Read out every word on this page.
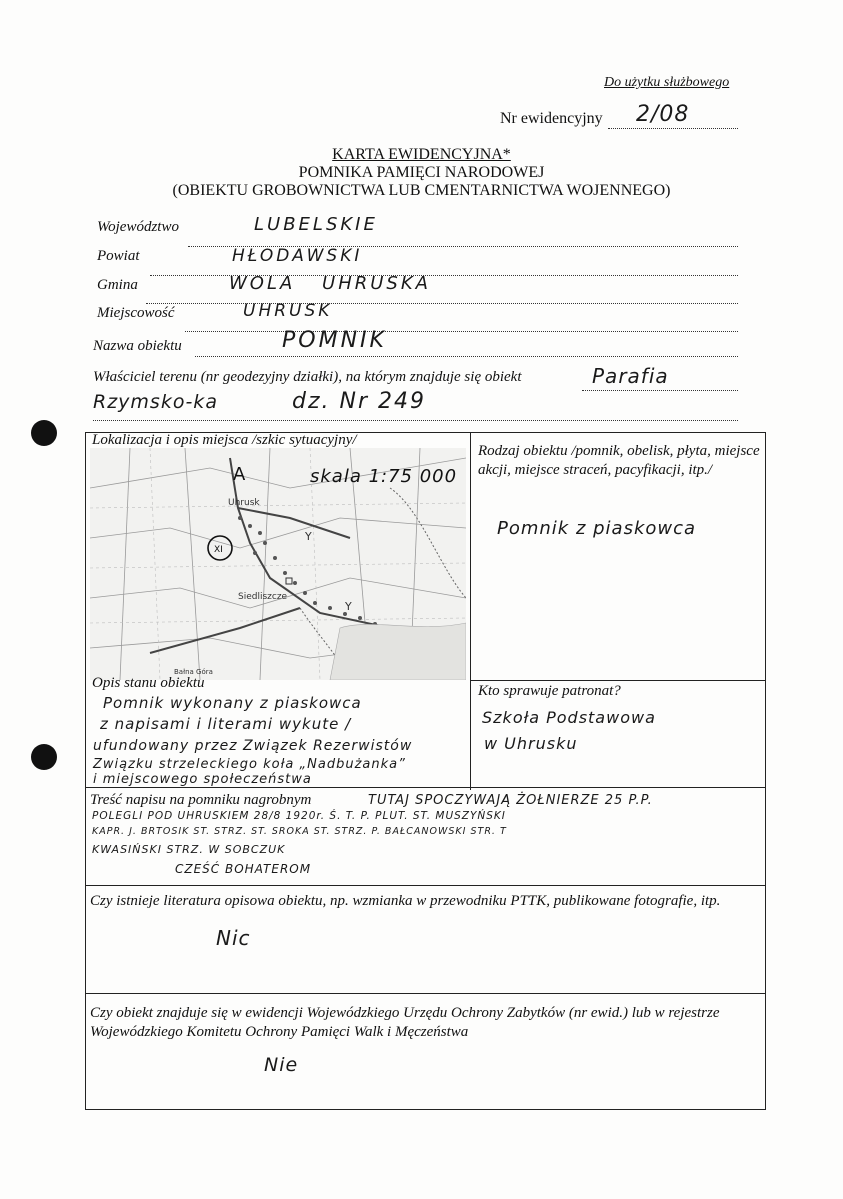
Do użytku służbowego
Nr ewidencyjny 2/08
KARTA EWIDENCYJNA*
POMNIKA PAMIĘCI NARODOWEJ
(OBIEKTU GROBOWNICTWA LUB CMENTARNICTWA WOJENNEGO)
Województwo	LUBELSKIE
Powiat	HŁODAWSKI
Gmina	WOLA UHRUSKA
Miejscowość	UHRUSK
Nazwa obiektu	POMNIK
Właściciel terenu (nr geodezyjny działki), na którym znajduje się obiekt	Parafia
Rzymsko-ka	dz. Nr 249
Lokalizacja i opis miejsca /szkic sytuacyjny/
XI
Y
Y
skala 1:75 000
A
Uhrusk
Siedliszcze
Bałna Góra
Rodzaj obiektu /pomnik, obelisk, płyta, miejsce akcji, miejsce straceń, pacyfikacji, itp./
Pomnik z piaskowca
Opis stanu obiektu
Pomnik wykonany z piaskowca
z napisami i literami wykute /
ufundowany przez Związek Rezerwistów
Związku strzeleckiego koła „Nadbużanka”
i miejscowego społeczeństwa
Kto sprawuje patronat?
Szkoła Podstawowa
w Uhrusku
Treść napisu na pomniku nagrobnym	TUTAJ SPOCZYWAJĄ ŻOŁNIERZE 25 P.P.
POLEGLI POD UHRUSKIEM 28/8 1920r. Ś. T. P. PLUT. ST. MUSZYŃSKI
KAPR. J. BRTOSIK ST. STRZ. ST. SROKA ST. STRZ. P. BAŁCANOWSKI STR. T
KWASIŃSKI STRZ. W SOBCZUK
CZEŚĆ BOHATEROM
Czy istnieje literatura opisowa obiektu, np. wzmianka w przewodniku PTTK, publikowane fotografie, itp.
Nic
Czy obiekt znajduje się w ewidencji Wojewódzkiego Urzędu Ochrony Zabytków (nr ewid.) lub w rejestrze Wojewódzkiego Komitetu Ochrony Pamięci Walk i Męczeństwa
Nie
